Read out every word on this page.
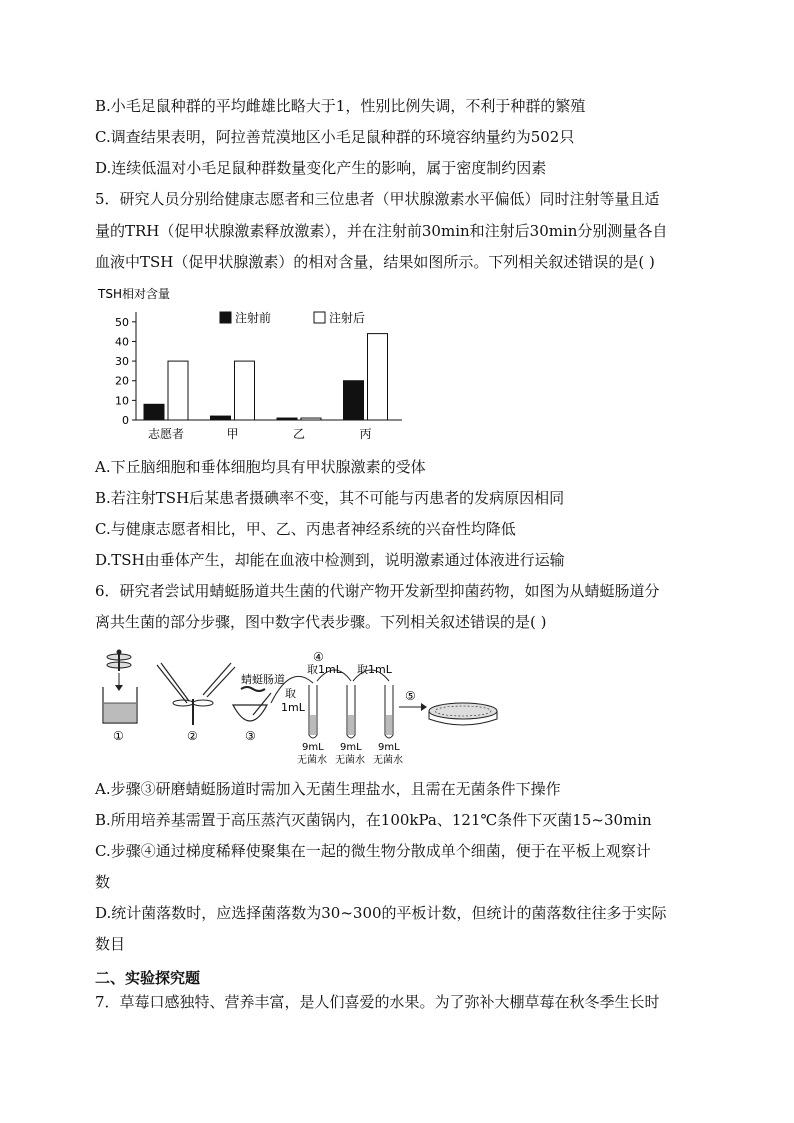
B.小毛足鼠种群的平均雌雄比略大于1，性别比例失调，不利于种群的繁殖
C.调查结果表明，阿拉善荒漠地区小毛足鼠种群的环境容纳量约为502只
D.连续低温对小毛足鼠种群数量变化产生的影响，属于密度制约因素
5．研究人员分别给健康志愿者和三位患者（甲状腺激素水平偏低）同时注射等量且适
量的TRH（促甲状腺激素释放激素），并在注射前30min和注射后30min分别测量各自
血液中TSH（促甲状腺激素）的相对含量，结果如图所示。下列相关叙述错误的是( )
TSH相对含量
0
10
20
30
40
50
志愿者	甲	乙	丙
注射前	注射后
A.下丘脑细胞和垂体细胞均具有甲状腺激素的受体
B.若注射TSH后某患者摄碘率不变，其不可能与丙患者的发病原因相同
C.与健康志愿者相比，甲、乙、丙患者神经系统的兴奋性均降低
D.TSH由垂体产生，却能在血液中检测到，说明激素通过体液进行运输
6．研究者尝试用蜻蜓肠道共生菌的代谢产物开发新型抑菌药物，如图为从蜻蜓肠道分
离共生菌的部分步骤，图中数字代表步骤。下列相关叙述错误的是( )
①	②
蜻蜓肠道
③
取
1mL
④
取1mL 取1mL
9mL
无菌水
9mL
无菌水
9mL
无菌水
⑤
A.步骤③研磨蜻蜓肠道时需加入无菌生理盐水，且需在无菌条件下操作
B.所用培养基需置于高压蒸汽灭菌锅内，在100kPa、121℃条件下灭菌15~30min
C.步骤④通过梯度稀释使聚集在一起的微生物分散成单个细菌，便于在平板上观察计
数
D.统计菌落数时，应选择菌落数为30~300的平板计数，但统计的菌落数往往多于实际
数目
二、实验探究题
7．草莓口感独特、营养丰富，是人们喜爱的水果。为了弥补大棚草莓在秋冬季生长时
